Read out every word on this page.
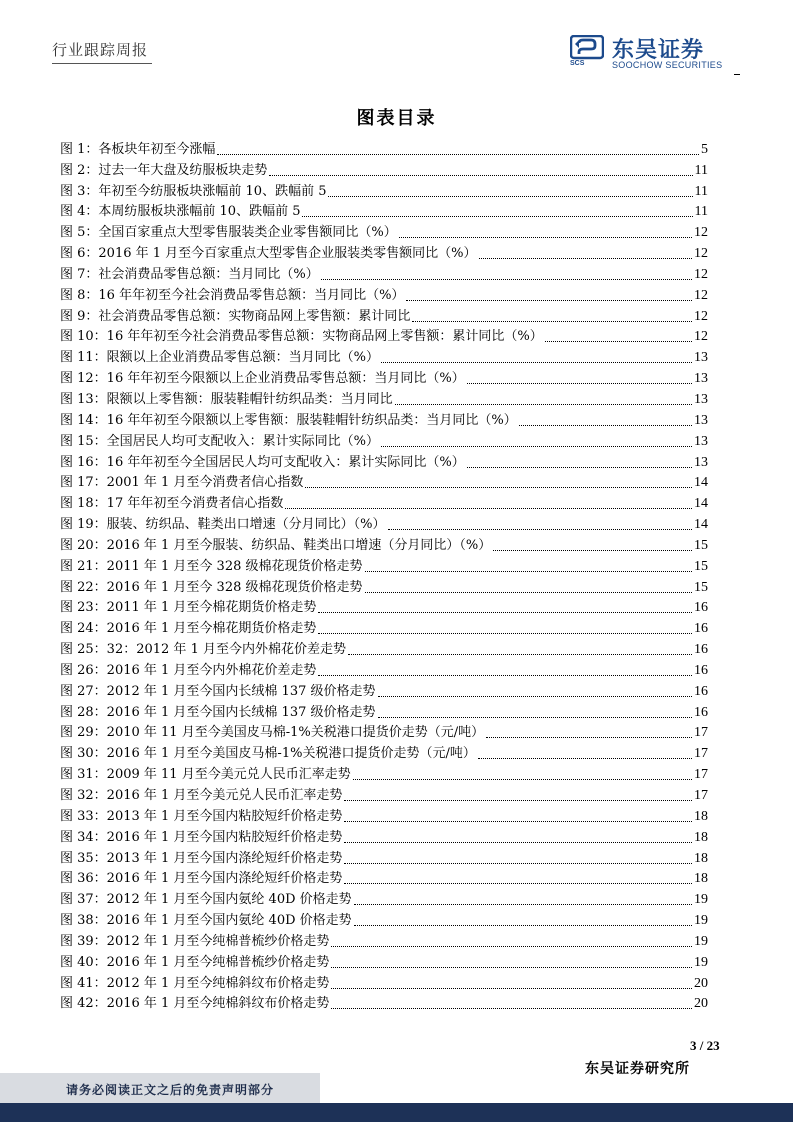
行业跟踪周报	东吴证券
SCS	SOOCHOW SECURITIES
图表目录
图 1：各板块年初至今涨幅	5
图 2：过去一年大盘及纺服板块走势	11
图 3：年初至今纺服板块涨幅前 10、跌幅前 5	11
图 4：本周纺服板块涨幅前 10、跌幅前 5	11
图 5：全国百家重点大型零售服装类企业零售额同比（%）	12
图 6：2016 年 1 月至今百家重点大型零售企业服装类零售额同比（%）	12
图 7：社会消费品零售总额：当月同比（%）	12
图 8：16 年年初至今社会消费品零售总额：当月同比（%）	12
图 9：社会消费品零售总额：实物商品网上零售额：累计同比	12
图 10：16 年年初至今社会消费品零售总额：实物商品网上零售额：累计同比（%）	12
图 11：限额以上企业消费品零售总额：当月同比（%）	13
图 12：16 年年初至今限额以上企业消费品零售总额：当月同比（%）	13
图 13：限额以上零售额：服装鞋帽针纺织品类：当月同比	13
图 14：16 年年初至今限额以上零售额：服装鞋帽针纺织品类：当月同比（%）	13
图 15：全国居民人均可支配收入：累计实际同比（%）	13
图 16：16 年年初至今全国居民人均可支配收入：累计实际同比（%）	13
图 17：2001 年 1 月至今消费者信心指数	14
图 18：17 年年初至今消费者信心指数	14
图 19：服装、纺织品、鞋类出口增速（分月同比）（%）	14
图 20：2016 年 1 月至今服装、纺织品、鞋类出口增速（分月同比）（%）	15
图 21：2011 年 1 月至今 328 级棉花现货价格走势	15
图 22：2016 年 1 月至今 328 级棉花现货价格走势	15
图 23：2011 年 1 月至今棉花期货价格走势	16
图 24：2016 年 1 月至今棉花期货价格走势	16
图 25：32：2012 年 1 月至今内外棉花价差走势	16
图 26：2016 年 1 月至今内外棉花价差走势	16
图 27：2012 年 1 月至今国内长绒棉 137 级价格走势	16
图 28：2016 年 1 月至今国内长绒棉 137 级价格走势	16
图 29：2010 年 11 月至今美国皮马棉-1%关税港口提货价走势（元/吨）	17
图 30：2016 年 1 月至今美国皮马棉-1%关税港口提货价走势（元/吨）	17
图 31：2009 年 11 月至今美元兑人民币汇率走势	17
图 32：2016 年 1 月至今美元兑人民币汇率走势	17
图 33：2013 年 1 月至今国内粘胶短纤价格走势	18
图 34：2016 年 1 月至今国内粘胶短纤价格走势	18
图 35：2013 年 1 月至今国内涤纶短纤价格走势	18
图 36：2016 年 1 月至今国内涤纶短纤价格走势	18
图 37：2012 年 1 月至今国内氨纶 40D 价格走势	19
图 38：2016 年 1 月至今国内氨纶 40D 价格走势	19
图 39：2012 年 1 月至今纯棉普梳纱价格走势	19
图 40：2016 年 1 月至今纯棉普梳纱价格走势	19
图 41：2012 年 1 月至今纯棉斜纹布价格走势	20
图 42：2016 年 1 月至今纯棉斜纹布价格走势	20
3 / 23
东吴证券研究所
请务必阅读正文之后的免责声明部分
